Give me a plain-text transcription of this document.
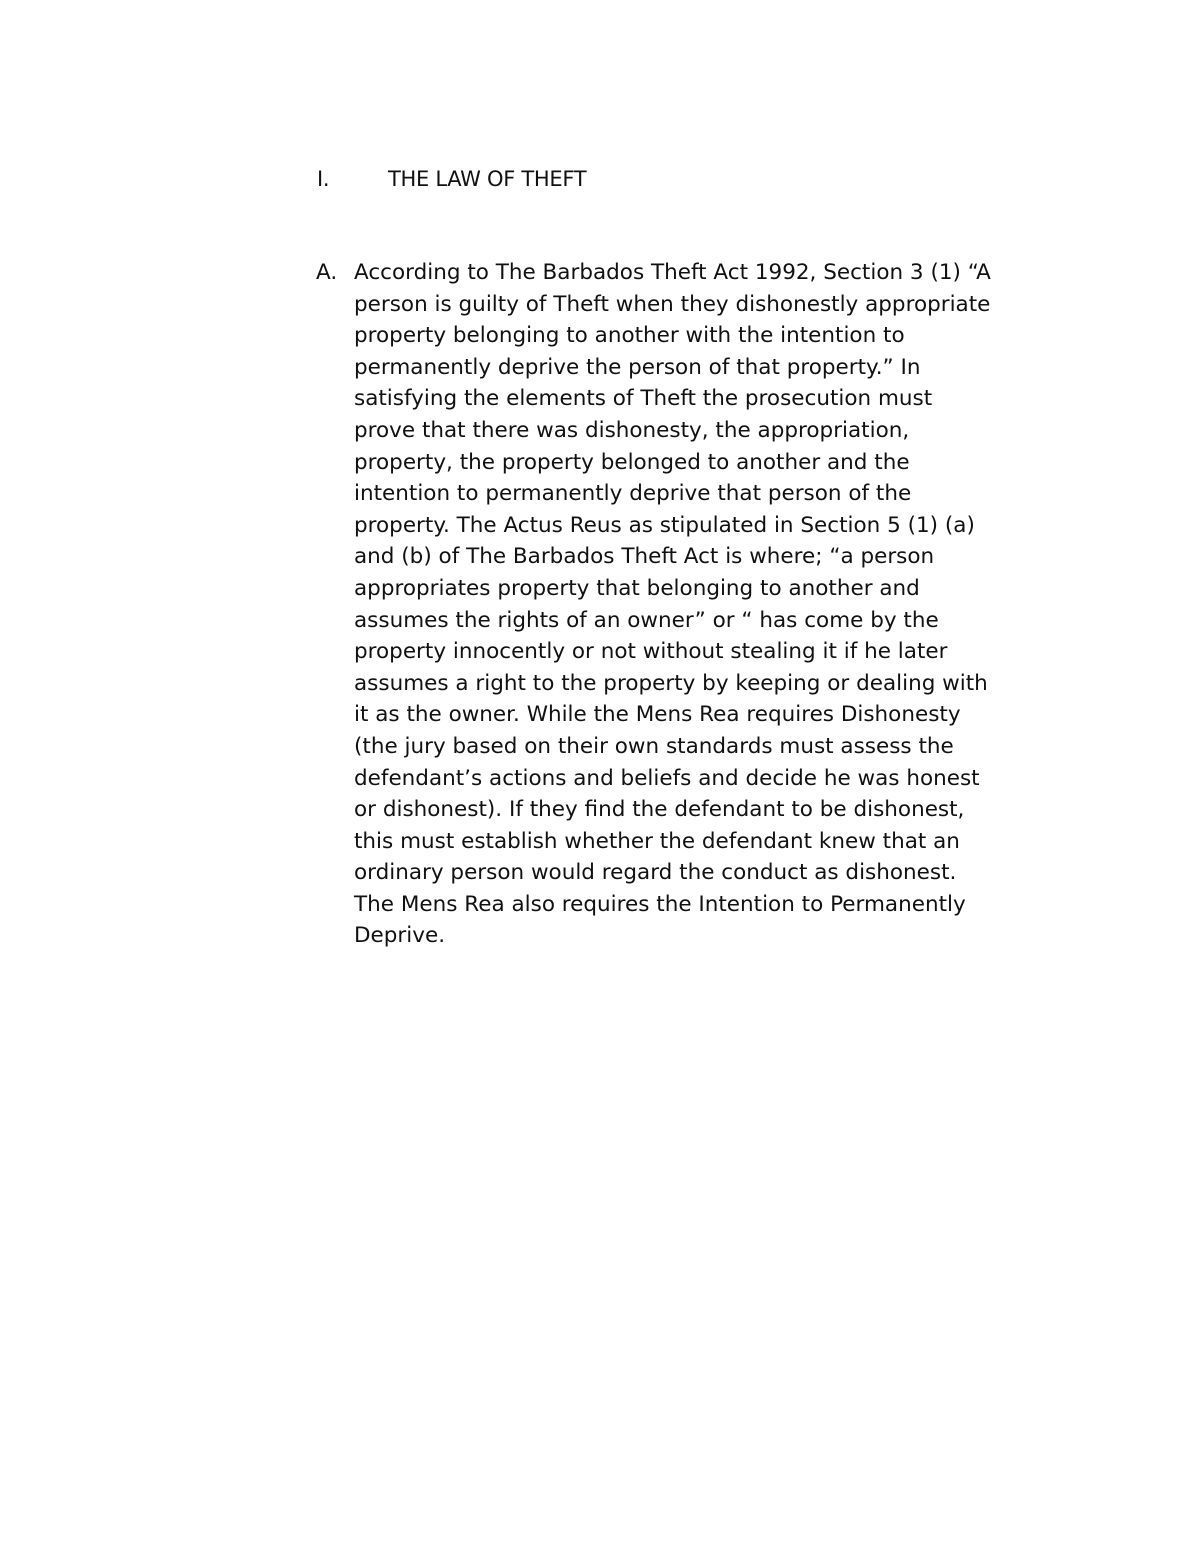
I.	THE LAW OF THEFT
A. According to The Barbados Theft Act 1992, Section 3 (1) “A
person is guilty of Theft when they dishonestly appropriate
property belonging to another with the intention to
permanently deprive the person of that property.” In
satisfying the elements of Theft the prosecution must
prove that there was dishonesty, the appropriation,
property, the property belonged to another and the
intention to permanently deprive that person of the
property. The Actus Reus as stipulated in Section 5 (1) (a)
and (b) of The Barbados Theft Act is where; “a person
appropriates property that belonging to another and
assumes the rights of an owner” or “ has come by the
property innocently or not without stealing it if he later
assumes a right to the property by keeping or dealing with
it as the owner. While the Mens Rea requires Dishonesty
(the jury based on their own standards must assess the
defendant’s actions and beliefs and decide he was honest
or dishonest). If they find the defendant to be dishonest,
this must establish whether the defendant knew that an
ordinary person would regard the conduct as dishonest.
The Mens Rea also requires the Intention to Permanently
Deprive.
